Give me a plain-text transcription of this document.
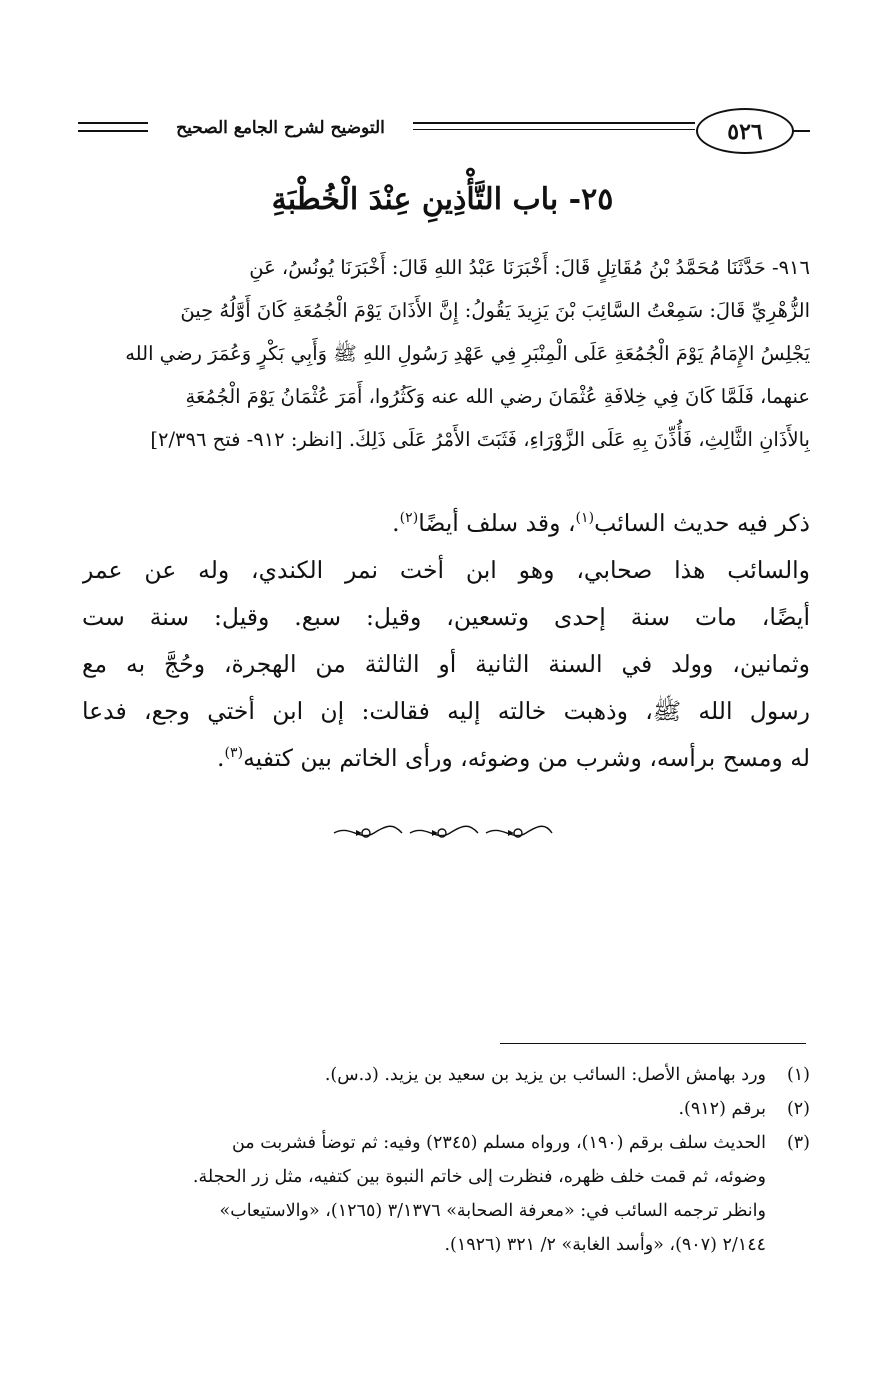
التوضيح لشرح الجامع الصحيح	٥٢٦
٢٥- باب التَّأْذِينِ عِنْدَ الْخُطْبَةِ
٩١٦- حَدَّثَنَا مُحَمَّدُ بْنُ مُقَاتِلٍ قَالَ: أَخْبَرَنَا عَبْدُ اللهِ قَالَ: أَخْبَرَنَا يُونُسُ، عَنِ
الزُّهْرِيِّ قَالَ: سَمِعْتُ السَّائِبَ بْنَ يَزِيدَ يَقُولُ: إِنَّ الأَذَانَ يَوْمَ الْجُمُعَةِ كَانَ أَوَّلُهُ حِينَ
يَجْلِسُ الإِمَامُ يَوْمَ الْجُمُعَةِ عَلَى الْمِنْبَرِ فِي عَهْدِ رَسُولِ اللهِ ﷺ وَأَبِي بَكْرٍ وَعُمَرَ رضي الله
عنهما، فَلَمَّا كَانَ فِي خِلافَةِ عُثْمَانَ رضي الله عنه وَكَثُرُوا، أَمَرَ عُثْمَانُ يَوْمَ الْجُمُعَةِ
بِالأَذَانِ الثَّالِثِ، فَأُذِّنَ بِهِ عَلَى الزَّوْرَاءِ، فَثَبَتَ الأَمْرُ عَلَى ذَلِكَ. [انظر: ٩١٢- فتح ٢/٣٩٦]
ذكر فيه حديث السائب$^{(١)}$، وقد سلف أيضًا$^{(٢)}$.
والسائب هذا صحابي، وهو ابن أخت نمر الكندي، وله عن عمر
أيضًا، مات سنة إحدى وتسعين، وقيل: سبع. وقيل: سنة ست
وثمانين، وولد في السنة الثانية أو الثالثة من الهجرة، وحُجَّ به مع
رسول الله ﷺ، وذهبت خالته إليه فقالت: إن ابن أختي وجع، فدعا
له ومسح برأسه، وشرب من وضوئه، ورأى الخاتم بين كتفيه$^{(٣)}$.
(١)ورد بهامش الأصل: السائب بن يزيد بن سعيد بن يزيد. (د.س).
(٢)برقم (٩١٢).
(٣)الحديث سلف برقم (١٩٠)، ورواه مسلم (٢٣٤٥) وفيه: ثم توضأ فشربت من
وضوئه، ثم قمت خلف ظهره، فنظرت إلى خاتم النبوة بين كتفيه، مثل زر الحجلة.
وانظر ترجمه السائب في: «معرفة الصحابة» ٣/١٣٧٦ (١٢٦٥)، «والاستيعاب»
٢/١٤٤ (٩٠٧)، «وأسد الغابة» ٢/ ٣٢١ (١٩٢٦).
